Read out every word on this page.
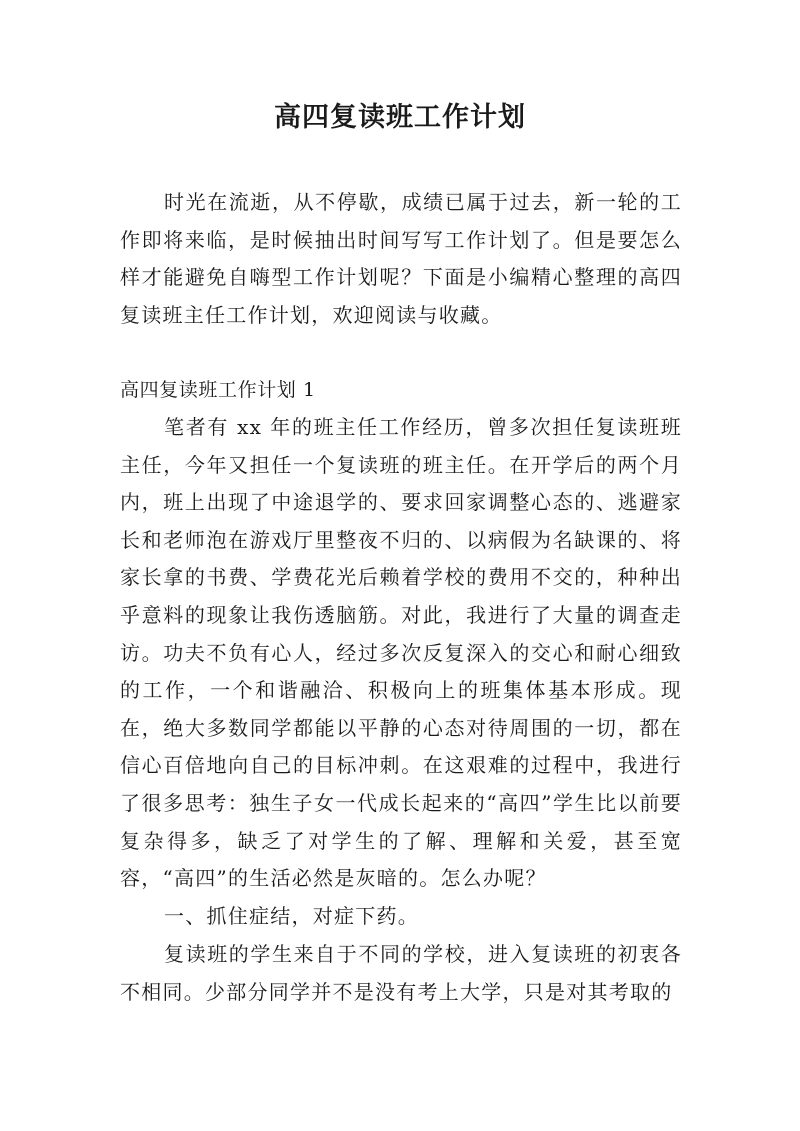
高四复读班工作计划

时光在流逝，从不停歇，成绩已属于过去，新一轮的工作即将来临，是时候抽出时间写写工作计划了。但是要怎么样才能避免自嗨型工作计划呢？下面是小编精心整理的高四复读班主任工作计划，欢迎阅读与收藏。

高四复读班工作计划 1

笔者有 xx 年的班主任工作经历，曾多次担任复读班班主任，今年又担任一个复读班的班主任。在开学后的两个月内，班上出现了中途退学的、要求回家调整心态的、逃避家长和老师泡在游戏厅里整夜不归的、以病假为名缺课的、将家长拿的书费、学费花光后赖着学校的费用不交的，种种出乎意料的现象让我伤透脑筋。对此，我进行了大量的调查走访。功夫不负有心人，经过多次反复深入的交心和耐心细致的工作，一个和谐融洽、积极向上的班集体基本形成。现在，绝大多数同学都能以平静的心态对待周围的一切，都在信心百倍地向自己的目标冲刺。在这艰难的过程中，我进行了很多思考：独生子女一代成长起来的“高四”学生比以前要复杂得多，缺乏了对学生的了解、理解和关爱，甚至宽容，“高四”的生活必然是灰暗的。怎么办呢？

一、抓住症结，对症下药。

复读班的学生来自于不同的学校，进入复读班的初衷各不相同。少部分同学并不是没有考上大学，只是对其考取的
